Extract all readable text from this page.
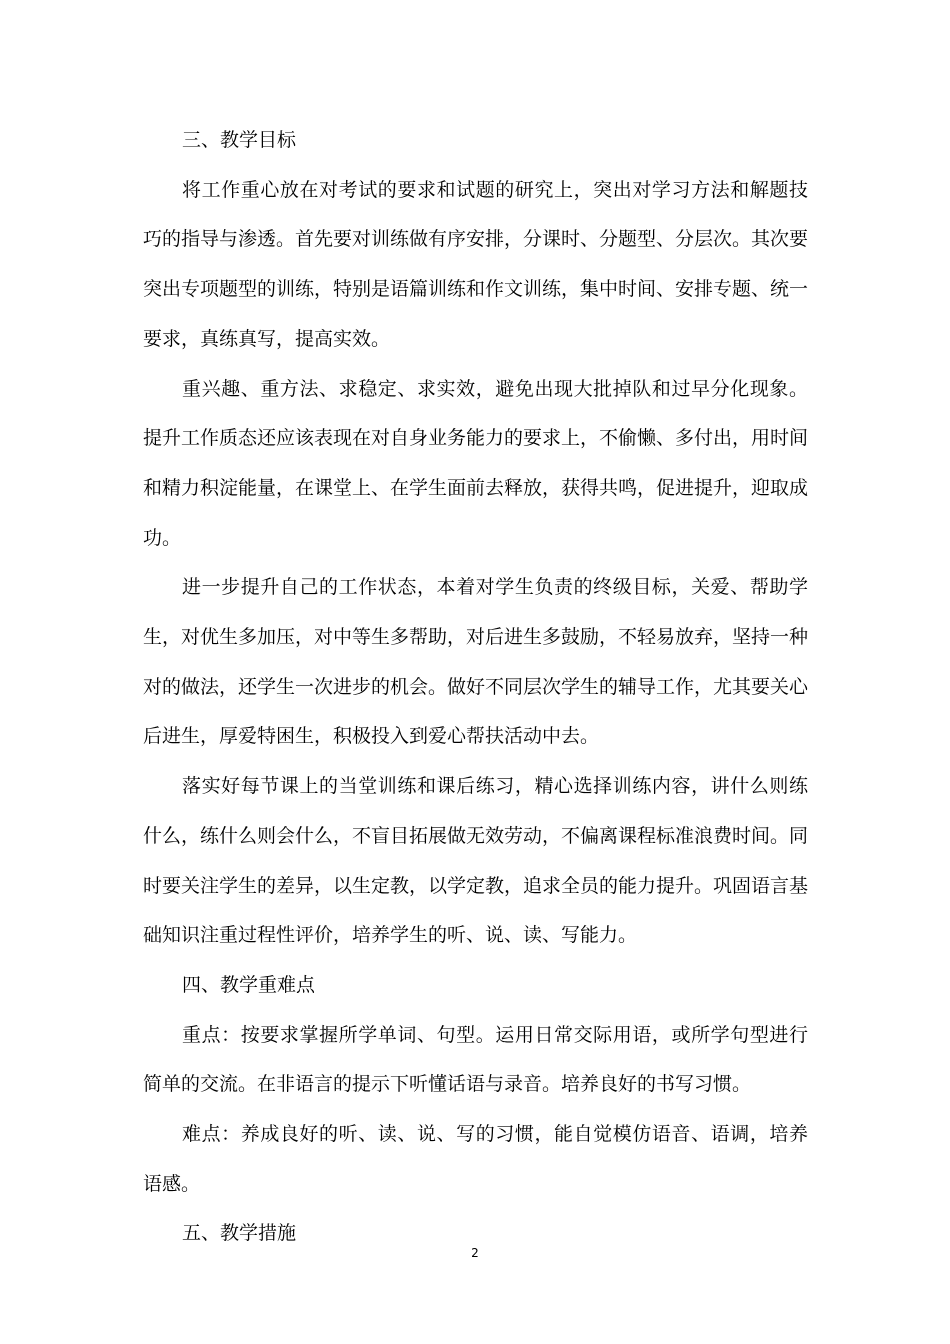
三、教学目标

将工作重心放在对考试的要求和试题的研究上，突出对学习方法和解题技巧的指导与渗透。首先要对训练做有序安排，分课时、分题型、分层次。其次要突出专项题型的训练，特别是语篇训练和作文训练，集中时间、安排专题、统一要求，真练真写，提高实效。

重兴趣、重方法、求稳定、求实效，避免出现大批掉队和过早分化现象。提升工作质态还应该表现在对自身业务能力的要求上，不偷懒、多付出，用时间和精力积淀能量，在课堂上、在学生面前去释放，获得共鸣，促进提升，迎取成功。

进一步提升自己的工作状态，本着对学生负责的终级目标，关爱、帮助学生，对优生多加压，对中等生多帮助，对后进生多鼓励，不轻易放弃，坚持一种对的做法，还学生一次进步的机会。做好不同层次学生的辅导工作，尤其要关心后进生，厚爱特困生，积极投入到爱心帮扶活动中去。

落实好每节课上的当堂训练和课后练习，精心选择训练内容，讲什么则练什么，练什么则会什么，不盲目拓展做无效劳动，不偏离课程标准浪费时间。同时要关注学生的差异，以生定教，以学定教，追求全员的能力提升。巩固语言基础知识注重过程性评价，培养学生的听、说、读、写能力。

四、教学重难点

重点：按要求掌握所学单词、句型。运用日常交际用语，或所学句型进行简单的交流。在非语言的提示下听懂话语与录音。培养良好的书写习惯。

难点：养成良好的听、读、说、写的习惯，能自觉模仿语音、语调，培养语感。

五、教学措施

2
